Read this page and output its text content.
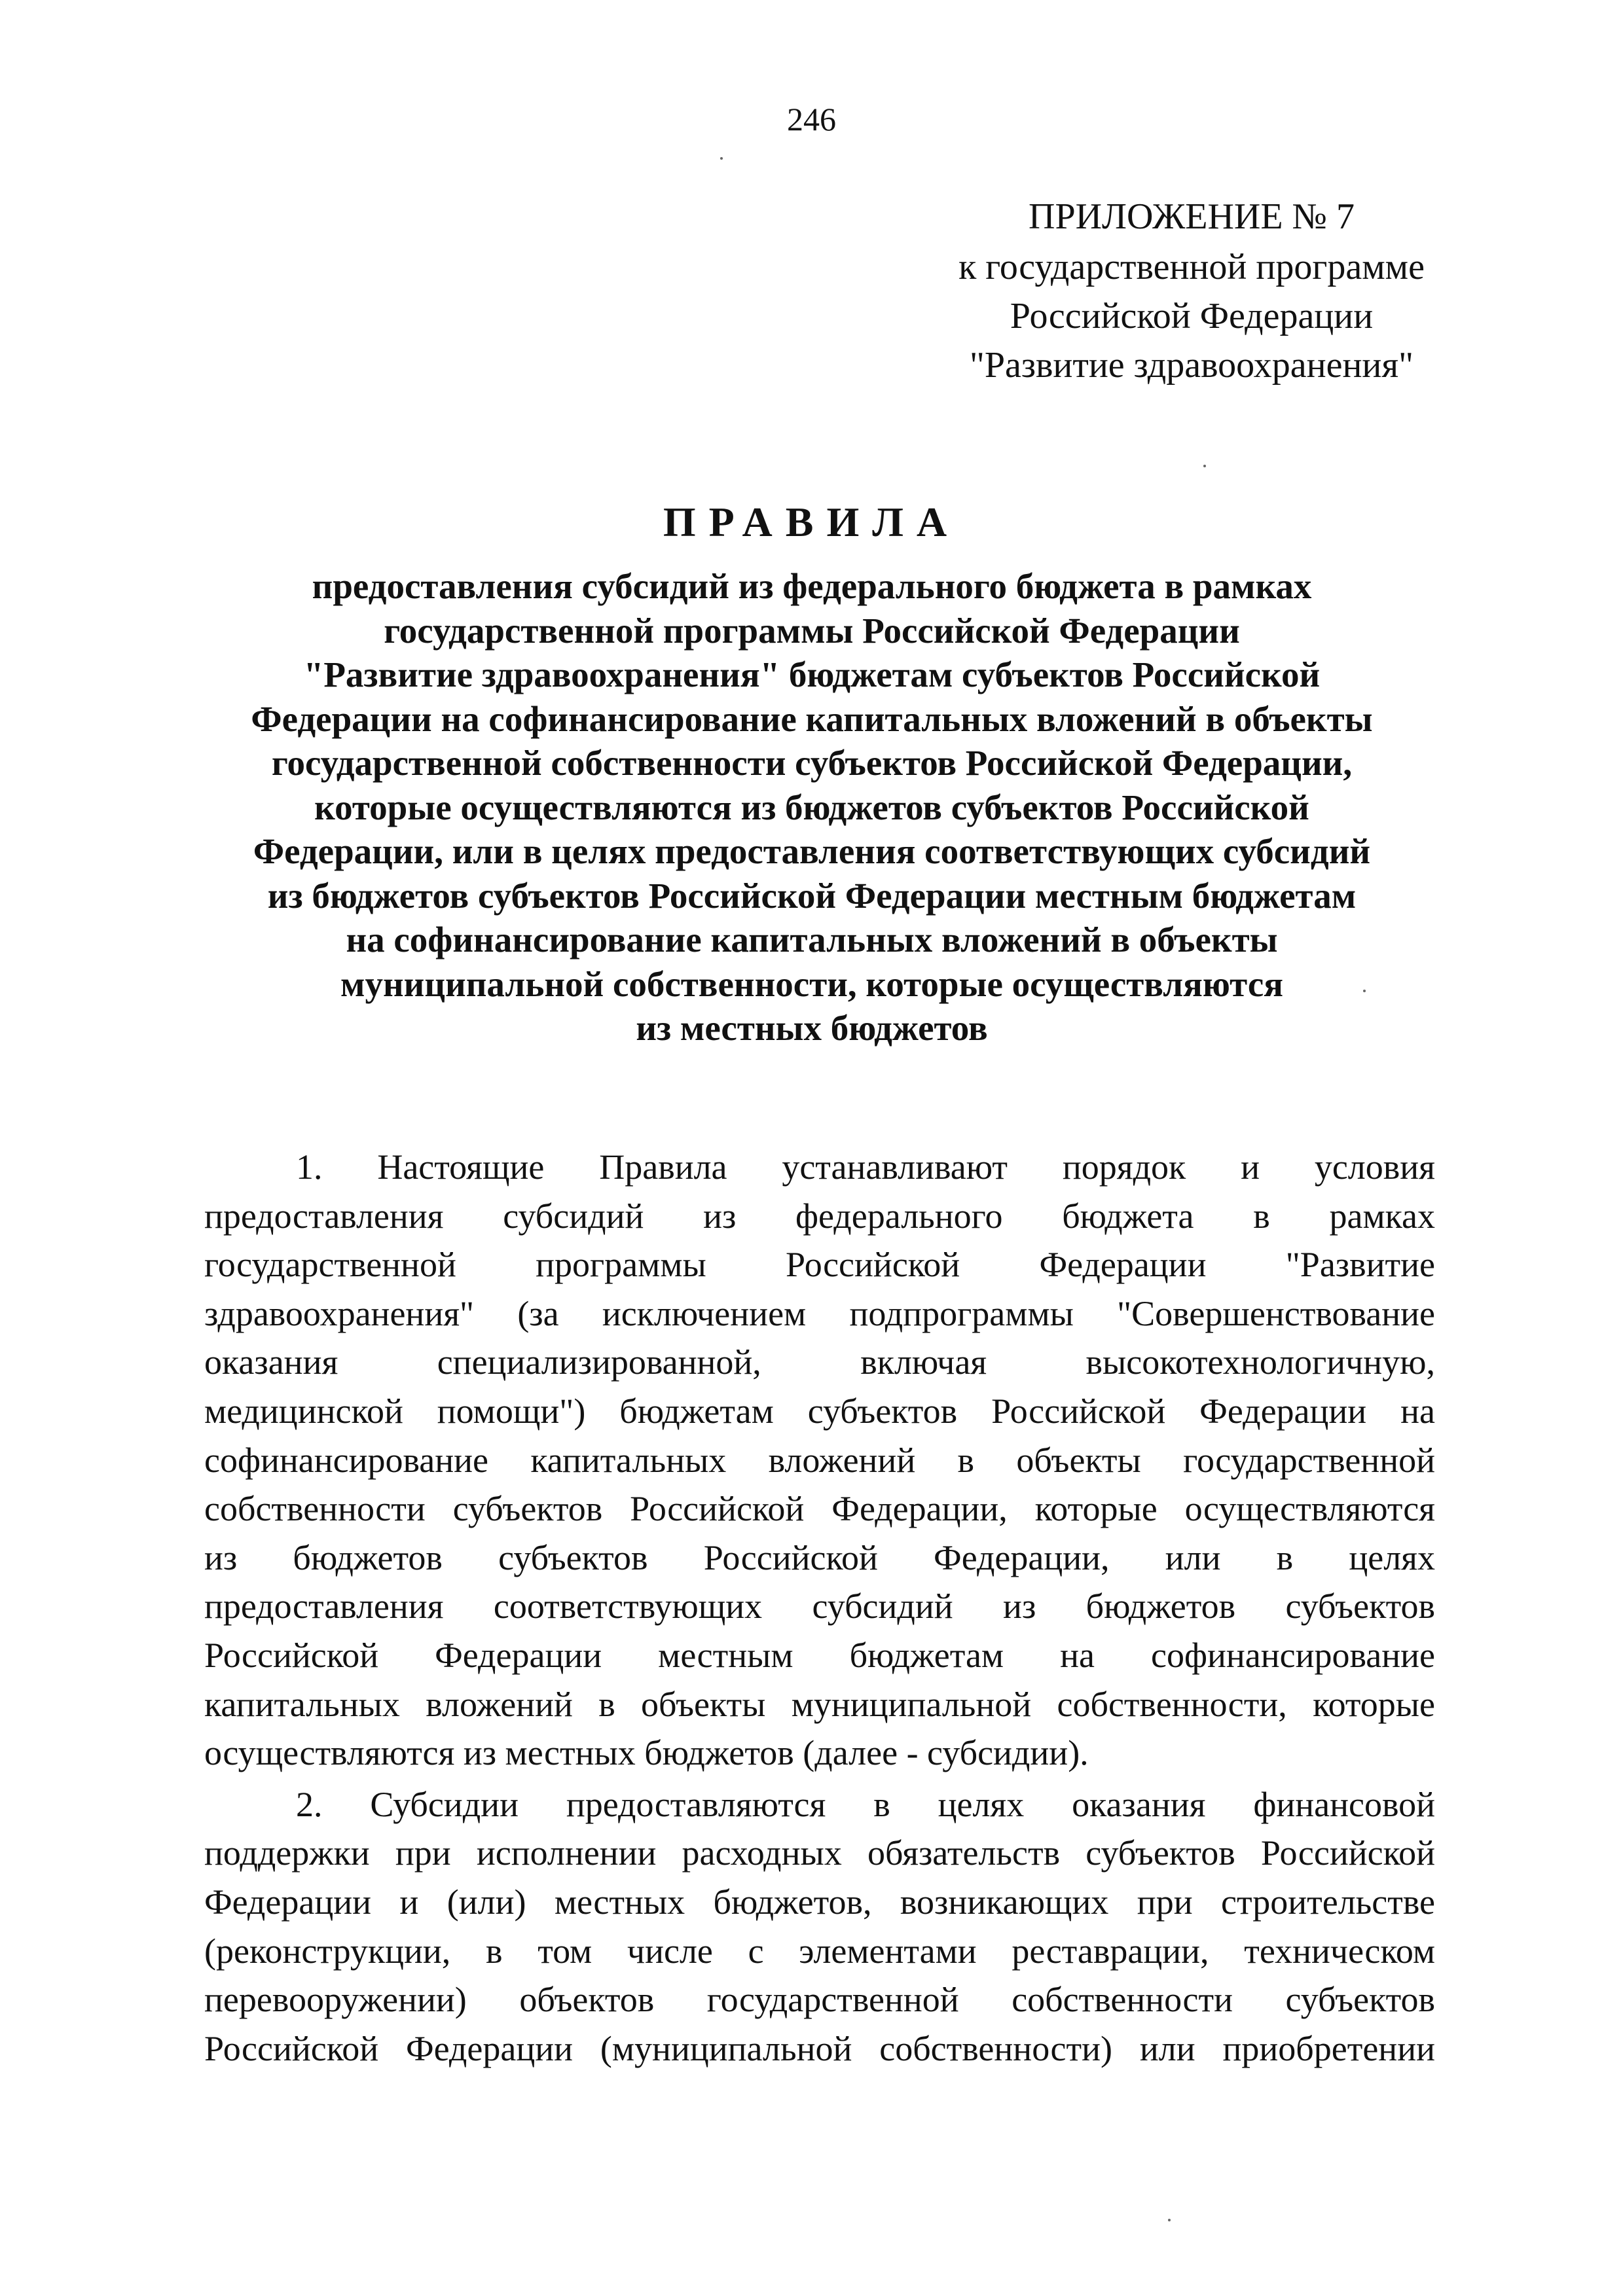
246
ПРИЛОЖЕНИЕ № 7
к государственной программе
Российской Федерации
"Развитие здравоохранения"
ПРАВИЛА
предоставления субсидий из федерального бюджета в рамках
государственной программы Российской Федерации
"Развитие здравоохранения" бюджетам субъектов Российской
Федерации на софинансирование капитальных вложений в объекты
государственной собственности субъектов Российской Федерации,
которые осуществляются из бюджетов субъектов Российской
Федерации, или в целях предоставления соответствующих субсидий
из бюджетов субъектов Российской Федерации местным бюджетам
на софинансирование капитальных вложений в объекты
муниципальной собственности, которые осуществляются
из местных бюджетов
1. Настоящие Правила устанавливают порядок и условия
предоставления субсидий из федерального бюджета в рамках
государственной программы Российской Федерации "Развитие
здравоохранения" (за исключением подпрограммы "Совершенствование
оказания специализированной, включая высокотехнологичную,
медицинской помощи") бюджетам субъектов Российской Федерации на
софинансирование капитальных вложений в объекты государственной
собственности субъектов Российской Федерации, которые осуществляются
из бюджетов субъектов Российской Федерации, или в целях
предоставления соответствующих субсидий из бюджетов субъектов
Российской Федерации местным бюджетам на софинансирование
капитальных вложений в объекты муниципальной собственности, которые
осуществляются из местных бюджетов (далее - субсидии).
2. Субсидии предоставляются в целях оказания финансовой
поддержки при исполнении расходных обязательств субъектов Российской
Федерации и (или) местных бюджетов, возникающих при строительстве
(реконструкции, в том числе с элементами реставрации, техническом
перевооружении) объектов государственной собственности субъектов
Российской Федерации (муниципальной собственности) или приобретении
